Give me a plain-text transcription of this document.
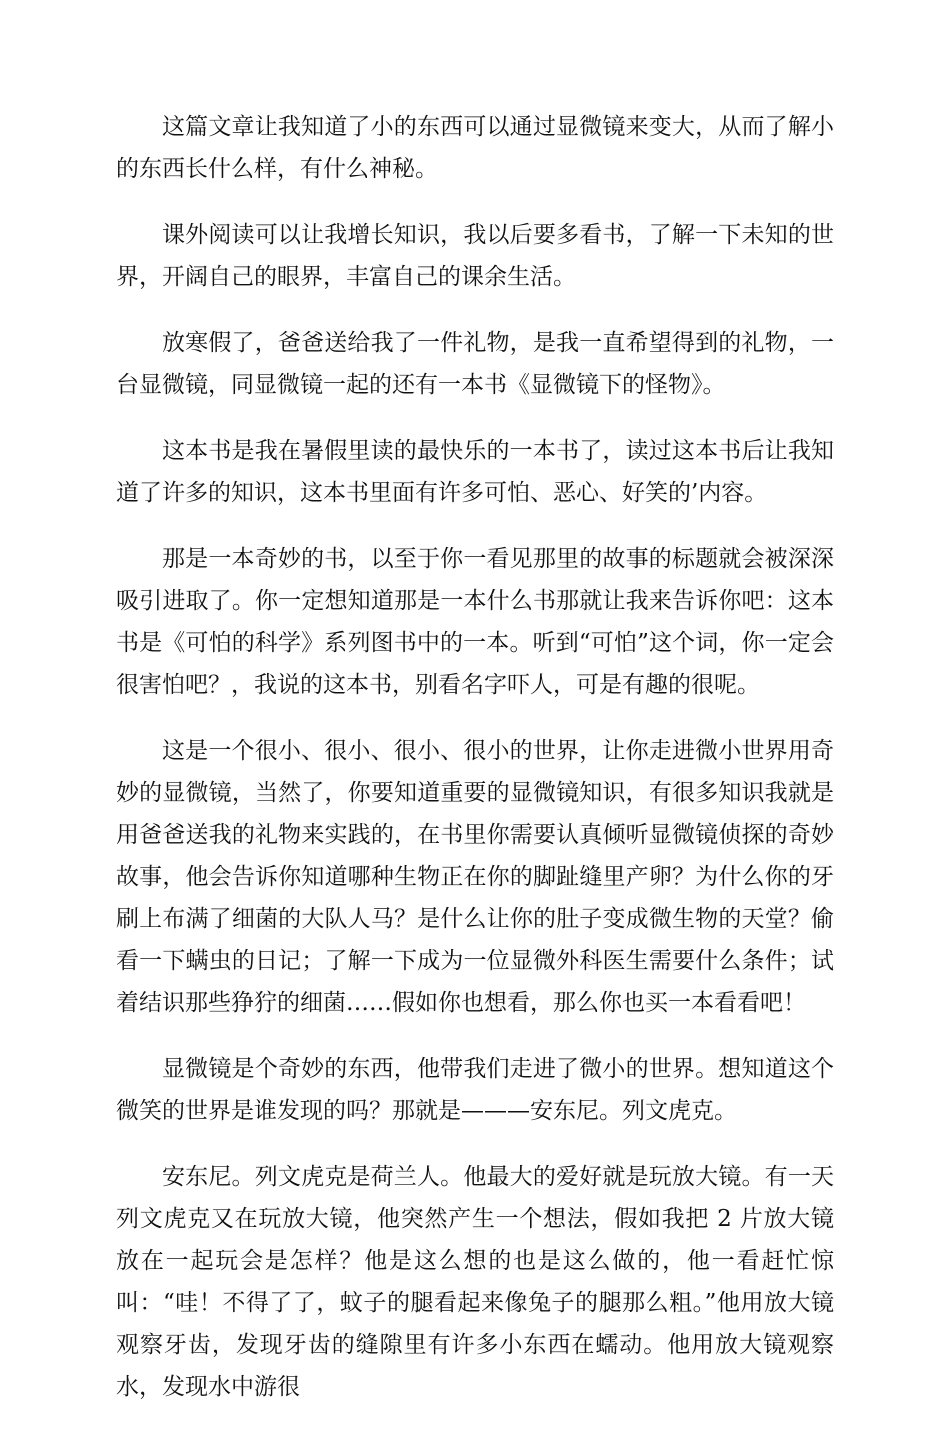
这篇文章让我知道了小的东西可以通过显微镜来变大，从而了解小的东西长什么样，有什么神秘。

课外阅读可以让我增长知识，我以后要多看书，了解一下未知的世界，开阔自己的眼界，丰富自己的课余生活。

放寒假了，爸爸送给我了一件礼物，是我一直希望得到的礼物，一台显微镜，同显微镜一起的还有一本书《显微镜下的怪物》。

这本书是我在暑假里读的最快乐的一本书了，读过这本书后让我知道了许多的知识，这本书里面有许多可怕、恶心、好笑的’内容。

那是一本奇妙的书，以至于你一看见那里的故事的标题就会被深深吸引进取了。你一定想知道那是一本什么书那就让我来告诉你吧：这本书是《可怕的科学》系列图书中的一本。听到“可怕”这个词，你一定会很害怕吧？，我说的这本书，别看名字吓人，可是有趣的很呢。

这是一个很小、很小、很小、很小的世界，让你走进微小世界用奇妙的显微镜，当然了，你要知道重要的显微镜知识，有很多知识我就是用爸爸送我的礼物来实践的，在书里你需要认真倾听显微镜侦探的奇妙故事，他会告诉你知道哪种生物正在你的脚趾缝里产卵？为什么你的牙刷上布满了细菌的大队人马？是什么让你的肚子变成微生物的天堂？偷看一下螨虫的日记；了解一下成为一位显微外科医生需要什么条件；试着结识那些狰狞的细菌……假如你也想看，那么你也买一本看看吧！

显微镜是个奇妙的东西，他带我们走进了微小的世界。想知道这个微笑的世界是谁发现的吗？那就是———安东尼。列文虎克。

安东尼。列文虎克是荷兰人。他最大的爱好就是玩放大镜。有一天列文虎克又在玩放大镜，他突然产生一个想法，假如我把 2 片放大镜放在一起玩会是怎样？他是这么想的也是这么做的，他一看赶忙惊叫：“哇！不得了了，蚊子的腿看起来像兔子的腿那么粗。”他用放大镜观察牙齿，发现牙齿的缝隙里有许多小东西在蠕动。他用放大镜观察水，发现水中游很
